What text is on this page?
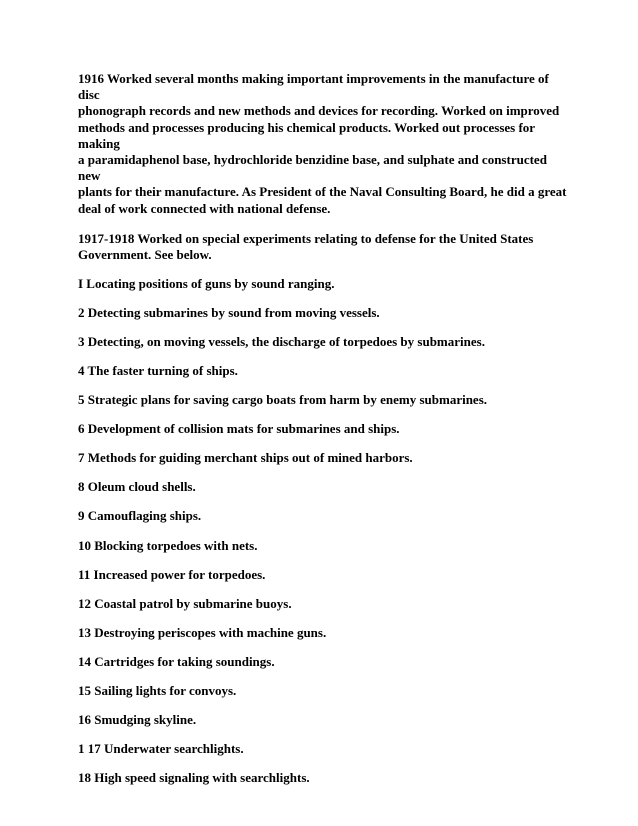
1916 Worked several months making important improvements in the manufacture of disc
phonograph records and new methods and devices for recording. Worked on improved
methods and processes producing his chemical products. Worked out processes for making
a paramidaphenol base, hydrochloride benzidine base, and sulphate and constructed new
plants for their manufacture. As President of the Naval Consulting Board, he did a great
deal of work connected with national defense.

1917-1918 Worked on special experiments relating to defense for the United States
Government. See below.

I Locating positions of guns by sound ranging.

2 Detecting submarines by sound from moving vessels.

3 Detecting, on moving vessels, the discharge of torpedoes by submarines.

4 The faster turning of ships.

5 Strategic plans for saving cargo boats from harm by enemy submarines.

6 Development of collision mats for submarines and ships.

7 Methods for guiding merchant ships out of mined harbors.

8 Oleum cloud shells.

9 Camouflaging ships.

10 Blocking torpedoes with nets.

11 Increased power for torpedoes.

12 Coastal patrol by submarine buoys.

13 Destroying periscopes with machine guns.

14 Cartridges for taking soundings.

15 Sailing lights for convoys.

16 Smudging skyline.

1 17 Underwater searchlights.

18 High speed signaling with searchlights.
